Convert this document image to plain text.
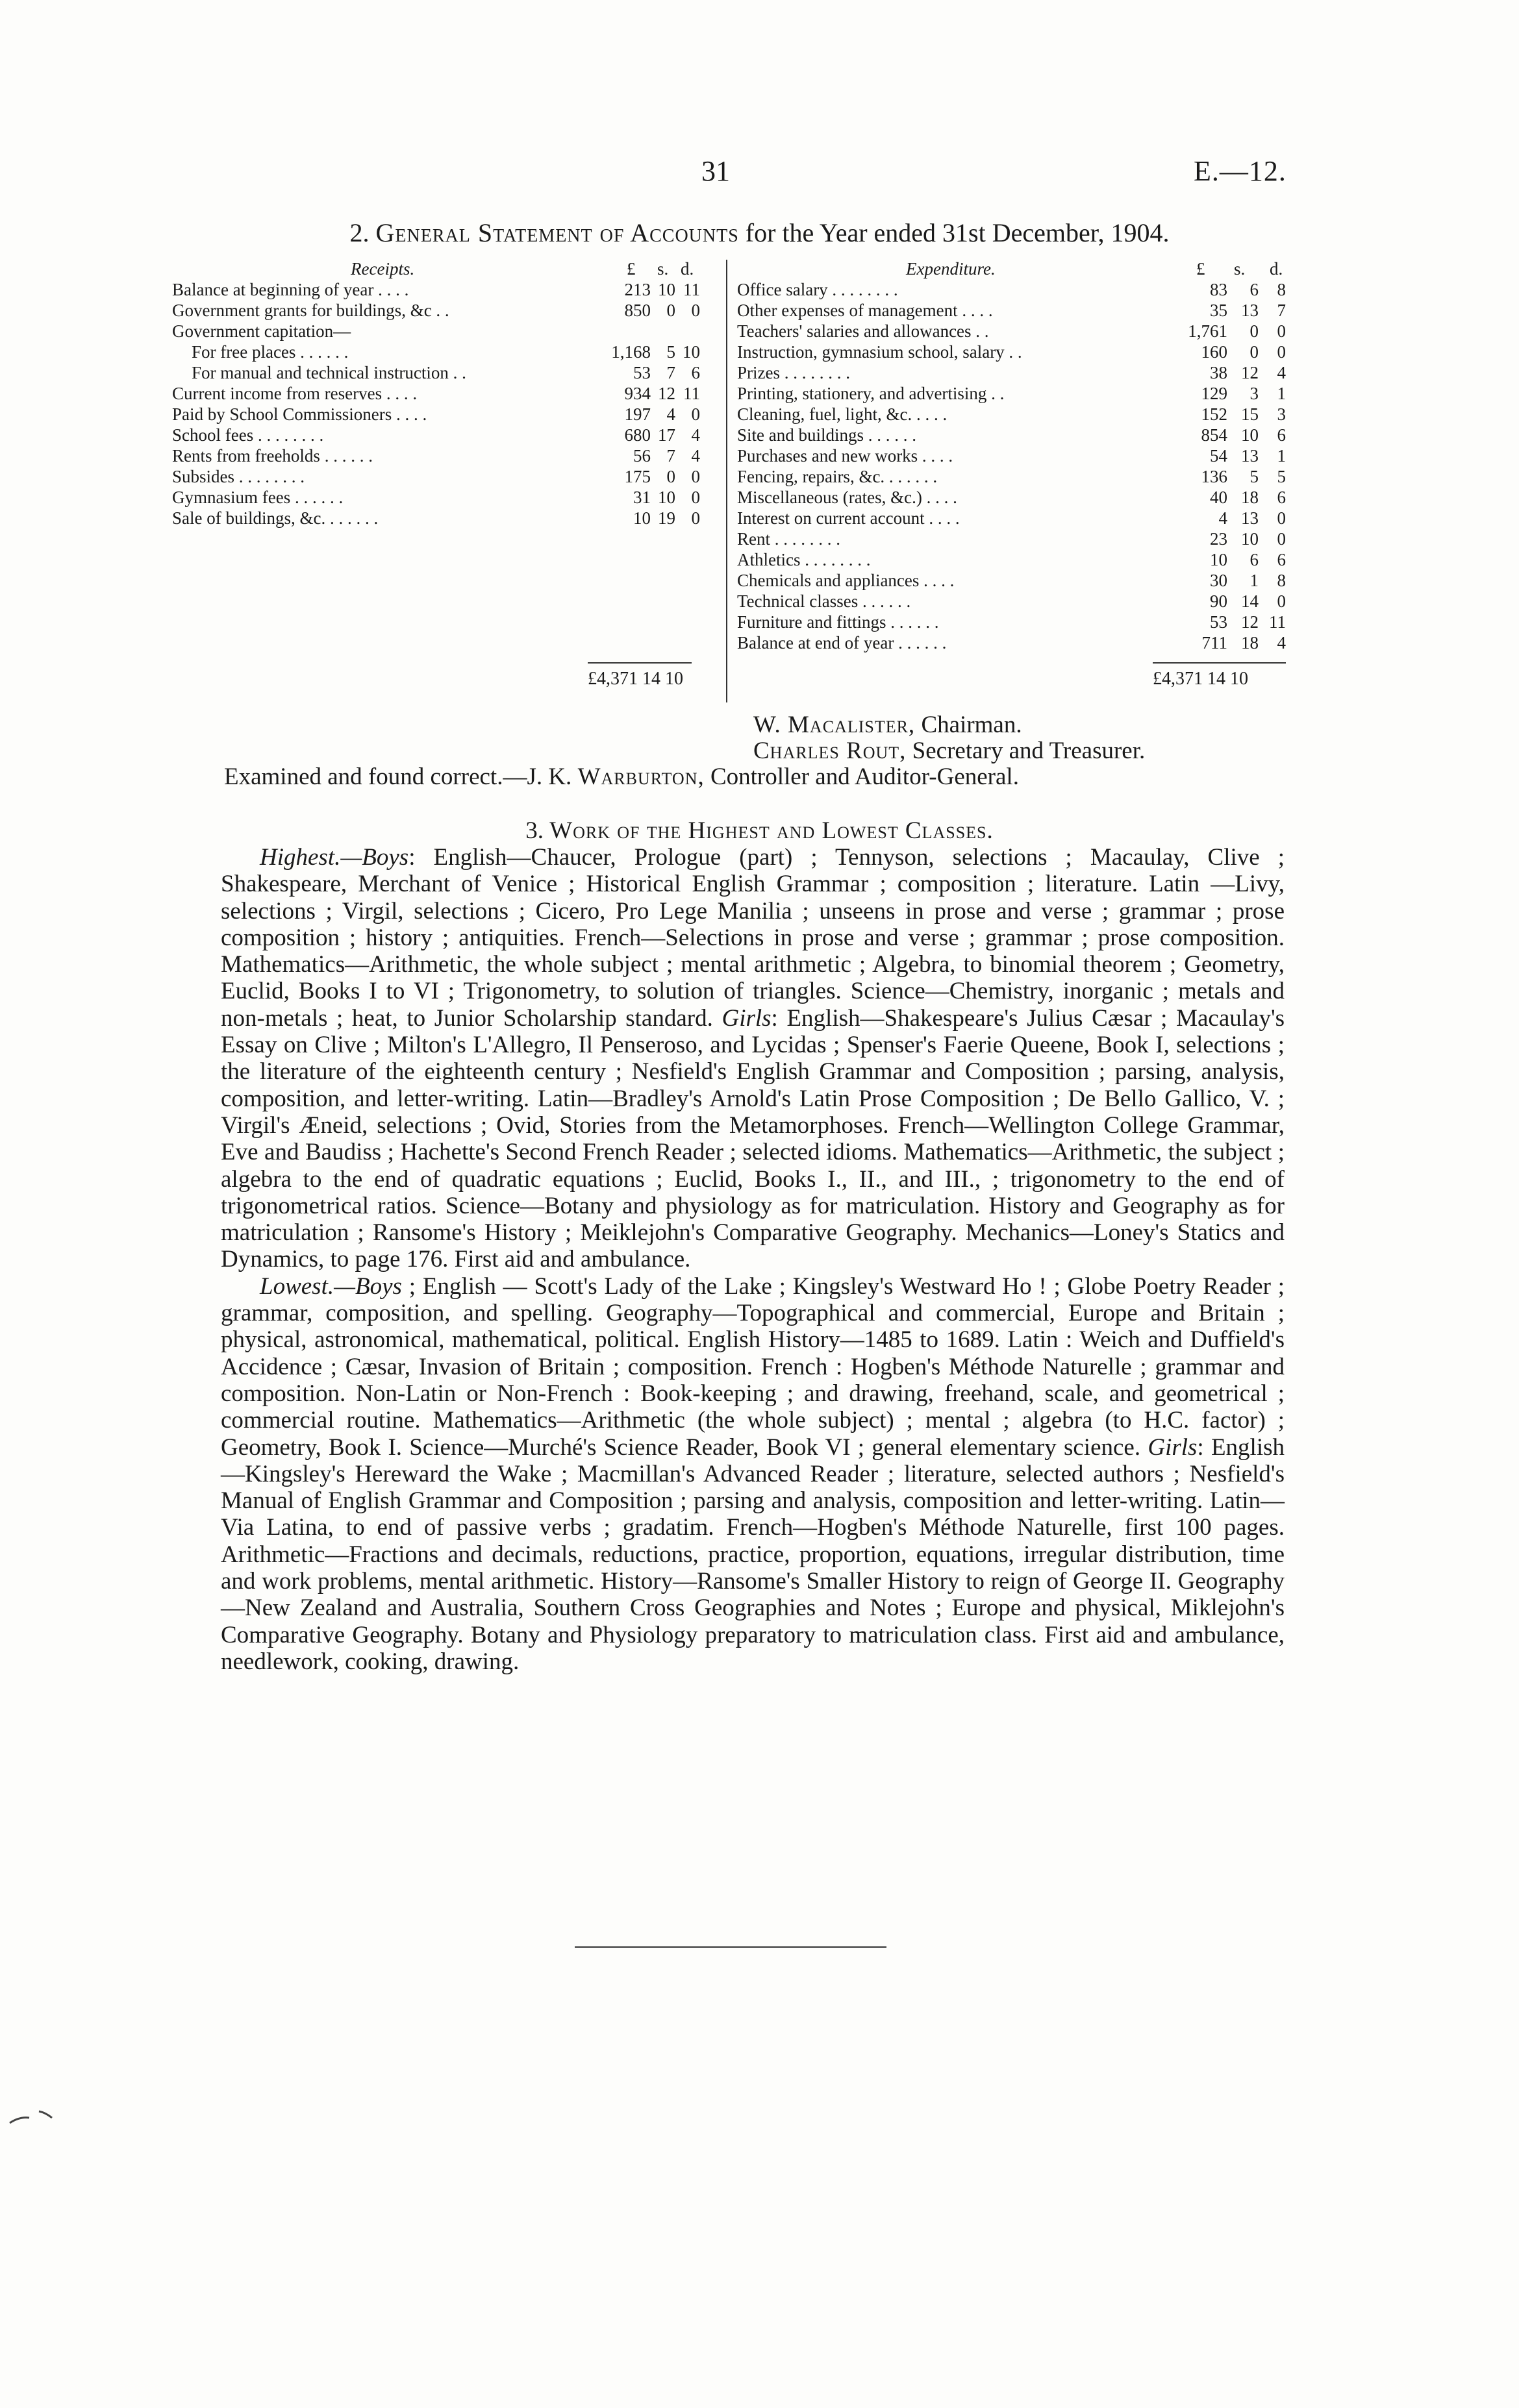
31	E.—12.
2. General Statement of Accounts for the Year ended 31st December, 1904.
Receipts.	£ s. d.	Expenditure.	£ s. d.
Balance at beginning of year . . . .	213 10 11
Government grants for buildings, &c . .	850 0 0
Government capitation—
For free places . . . . . .	1,168 5 10
For manual and technical instruction . .	53 7 6
Current income from reserves . . . .	934 12 11
Paid by School Commissioners . . . .	197 4 0
School fees . . . . . . . .	680 17 4
Rents from freeholds . . . . . .	56 7 4
Subsides . . . . . . . .	175 0 0
Gymnasium fees . . . . . .	31 10 0
Sale of buildings, &c. . . . . . .	10 19 0
Office salary . . . . . . . .	83	6	8
Other expenses of management . . . .	35 13	7
Teachers' salaries and allowances . .	1,761	0	0
Instruction, gymnasium school, salary . .	160	0	0
Prizes . . . . . . . .	38 12	4
Printing, stationery, and advertising . .	129	3	1
Cleaning, fuel, light, &c. . . . .	152 15	3
Site and buildings . . . . . .	854 10	6
Purchases and new works . . . .	54 13	1
Fencing, repairs, &c. . . . . . .	136	5	5
Miscellaneous (rates, &c.) . . . .	40 18	6
Interest on current account . . . .	4 13	0
Rent . . . . . . . .	23 10	0
Athletics . . . . . . . .	10	6	6
Chemicals and appliances . . . .	30	1	8
Technical classes . . . . . .	90 14	0
Furniture and fittings . . . . . .	53 12 11
Balance at end of year . . . . . .	711 18	4
£4,371 14 10	£4,371 14 10
W. Macalister, Chairman.
Charles Rout, Secretary and Treasurer.
Examined and found correct.—J. K. Warburton, Controller and Auditor-General.
3. Work of the Highest and Lowest Classes.

Highest.—Boys: English—Chaucer, Prologue (part) ; Tennyson, selections ; Macaulay, Clive ; Shakespeare, Merchant of Venice ; Historical English Grammar ; composition ; literature. Latin —Livy, selections ; Virgil, selections ; Cicero, Pro Lege Manilia ; unseens in prose and verse ; grammar ; prose composition ; history ; antiquities. French—Selections in prose and verse ; grammar ; prose composition. Mathematics—Arithmetic, the whole subject ; mental arithmetic ; Algebra, to binomial theorem ; Geometry, Euclid, Books I to VI ; Trigonometry, to solution of triangles. Science—Chemistry, inorganic ; metals and non-metals ; heat, to Junior Scholarship standard. Girls: English—Shakespeare's Julius Cæsar ; Macaulay's Essay on Clive ; Milton's L'Allegro, Il Penseroso, and Lycidas ; Spenser's Faerie Queene, Book I, selections ; the literature of the eighteenth century ; Nesfield's English Grammar and Composition ; parsing, analysis, composition, and letter-writing. Latin—Bradley's Arnold's Latin Prose Composition ; De Bello Gallico, V. ; Virgil's Æneid, selections ; Ovid, Stories from the Metamorphoses. French—Wellington College Grammar, Eve and Baudiss ; Hachette's Second French Reader ; selected idioms. Mathematics—Arithmetic, the subject ; algebra to the end of quadratic equations ; Euclid, Books I., II., and III., ; trigonometry to the end of trigonometrical ratios. Science—Botany and physiology as for matriculation. History and Geography as for matriculation ; Ransome's History ; Meiklejohn's Comparative Geography. Mechanics—Loney's Statics and Dynamics, to page 176. First aid and ambulance.

Lowest.—Boys ; English — Scott's Lady of the Lake ; Kingsley's Westward Ho ! ; Globe Poetry Reader ; grammar, composition, and spelling. Geography—Topographical and commercial, Europe and Britain ; physical, astronomical, mathematical, political. English History—1485 to 1689. Latin : Weich and Duffield's Accidence ; Cæsar, Invasion of Britain ; composition. French : Hogben's Méthode Naturelle ; grammar and composition. Non-Latin or Non-French : Book-keeping ; and drawing, freehand, scale, and geometrical ; commercial routine. Mathematics—Arithmetic (the whole subject) ; mental ; algebra (to H.C. factor) ; Geometry, Book I. Science—Murché's Science Reader, Book VI ; general elementary science. Girls: English—Kingsley's Hereward the Wake ; Macmillan's Advanced Reader ; literature, selected authors ; Nesfield's Manual of English Grammar and Composition ; parsing and analysis, composition and letter-writing. Latin—Via Latina, to end of passive verbs ; gradatim. French—Hogben's Méthode Naturelle, first 100 pages. Arithmetic—Fractions and decimals, reductions, practice, proportion, equations, irregular distribution, time and work problems, mental arithmetic. History—Ransome's Smaller History to reign of George II. Geography —New Zealand and Australia, Southern Cross Geographies and Notes ; Europe and physical, Miklejohn's Comparative Geography. Botany and Physiology preparatory to matriculation class. First aid and ambulance, needlework, cooking, drawing.
